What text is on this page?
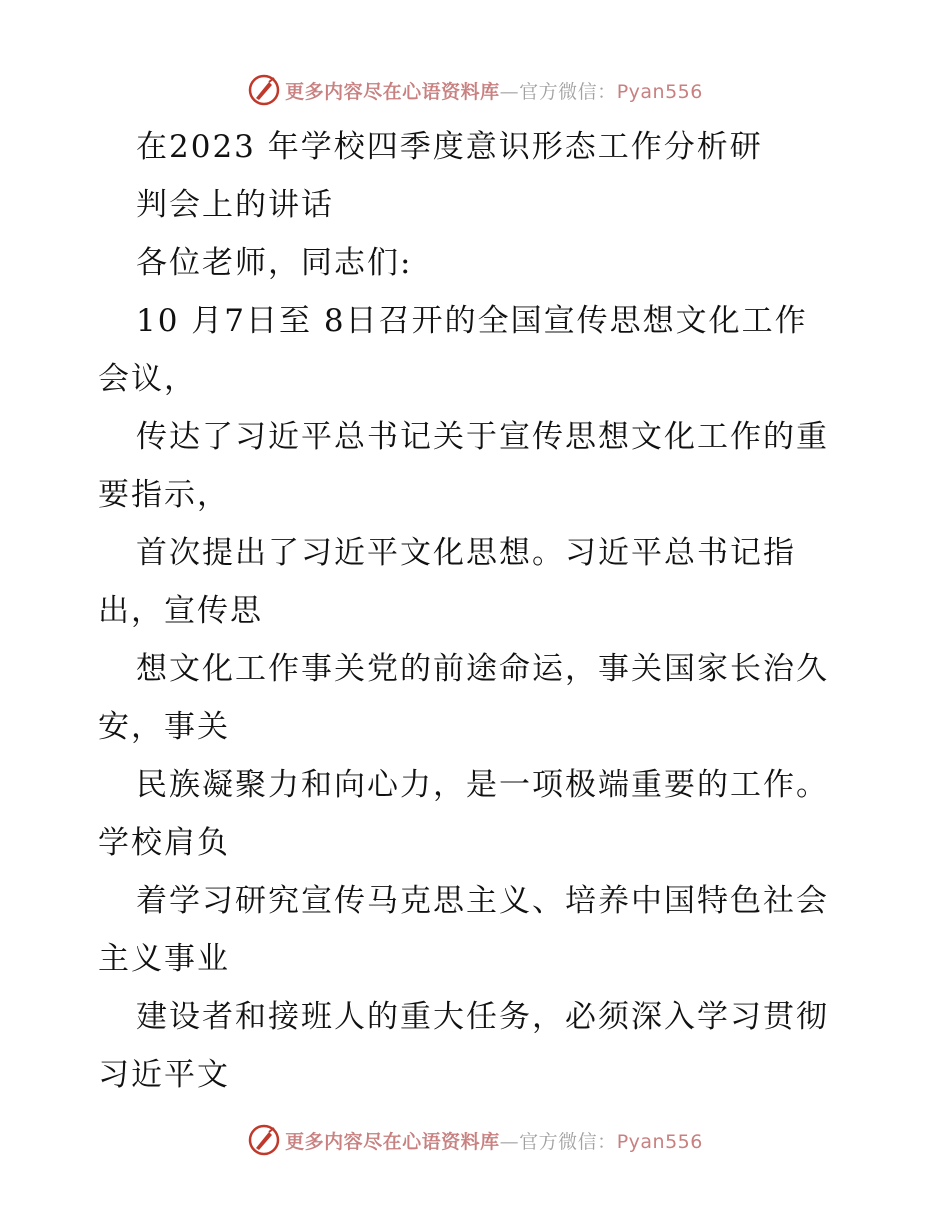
更多内容尽在心语资料库—官方微信：Pyan556
在2023 年学校四季度意识形态工作分析研
判会上的讲话
各位老师，同志们:
10 月7日至 8日召开的全国宣传思想文化工作
会议，
传达了习近平总书记关于宣传思想文化工作的重
要指示，
首次提出了习近平文化思想。习近平总书记指
出，宣传思
想文化工作事关党的前途命运，事关国家长治久
安，事关
民族凝聚力和向心力，是一项极端重要的工作。
学校肩负
着学习研究宣传马克思主义、培养中国特色社会
主义事业
建设者和接班人的重大任务，必须深入学习贯彻
习近平文
更多内容尽在心语资料库—官方微信：Pyan556
